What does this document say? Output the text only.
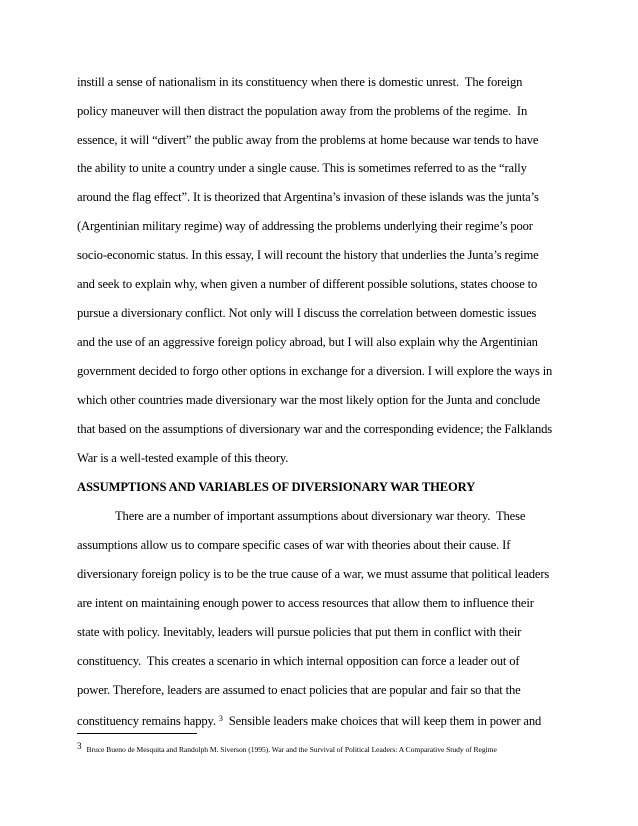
instill a sense of nationalism in its constituency when there is domestic unrest.  The foreign
policy maneuver will then distract the population away from the problems of the regime.  In
essence, it will “divert” the public away from the problems at home because war tends to have
the ability to unite a country under a single cause. This is sometimes referred to as the “rally
around the flag effect”. It is theorized that Argentina’s invasion of these islands was the junta’s
(Argentinian military regime) way of addressing the problems underlying their regime’s poor
socio-economic status. In this essay, I will recount the history that underlies the Junta’s regime
and seek to explain why, when given a number of different possible solutions, states choose to
pursue a diversionary conflict. Not only will I discuss the correlation between domestic issues
and the use of an aggressive foreign policy abroad, but I will also explain why the Argentinian
government decided to forgo other options in exchange for a diversion. I will explore the ways in
which other countries made diversionary war the most likely option for the Junta and conclude
that based on the assumptions of diversionary war and the corresponding evidence; the Falklands
War is a well-tested example of this theory.
ASSUMPTIONS AND VARIABLES OF DIVERSIONARY WAR THEORY
There are a number of important assumptions about diversionary war theory.  These
assumptions allow us to compare specific cases of war with theories about their cause. If
diversionary foreign policy is to be the true cause of a war, we must assume that political leaders
are intent on maintaining enough power to access resources that allow them to influence their
state with policy. Inevitably, leaders will pursue policies that put them in conflict with their
constituency.  This creates a scenario in which internal opposition can force a leader out of
power. Therefore, leaders are assumed to enact policies that are popular and fair so that the
constituency remains happy. $^3$  Sensible leaders make choices that will keep them in power and
3 Bruce Bueno de Mesquita and Randolph M. Siverson (1995). War and the Survival of Political Leaders: A Comparative Study of Regime
